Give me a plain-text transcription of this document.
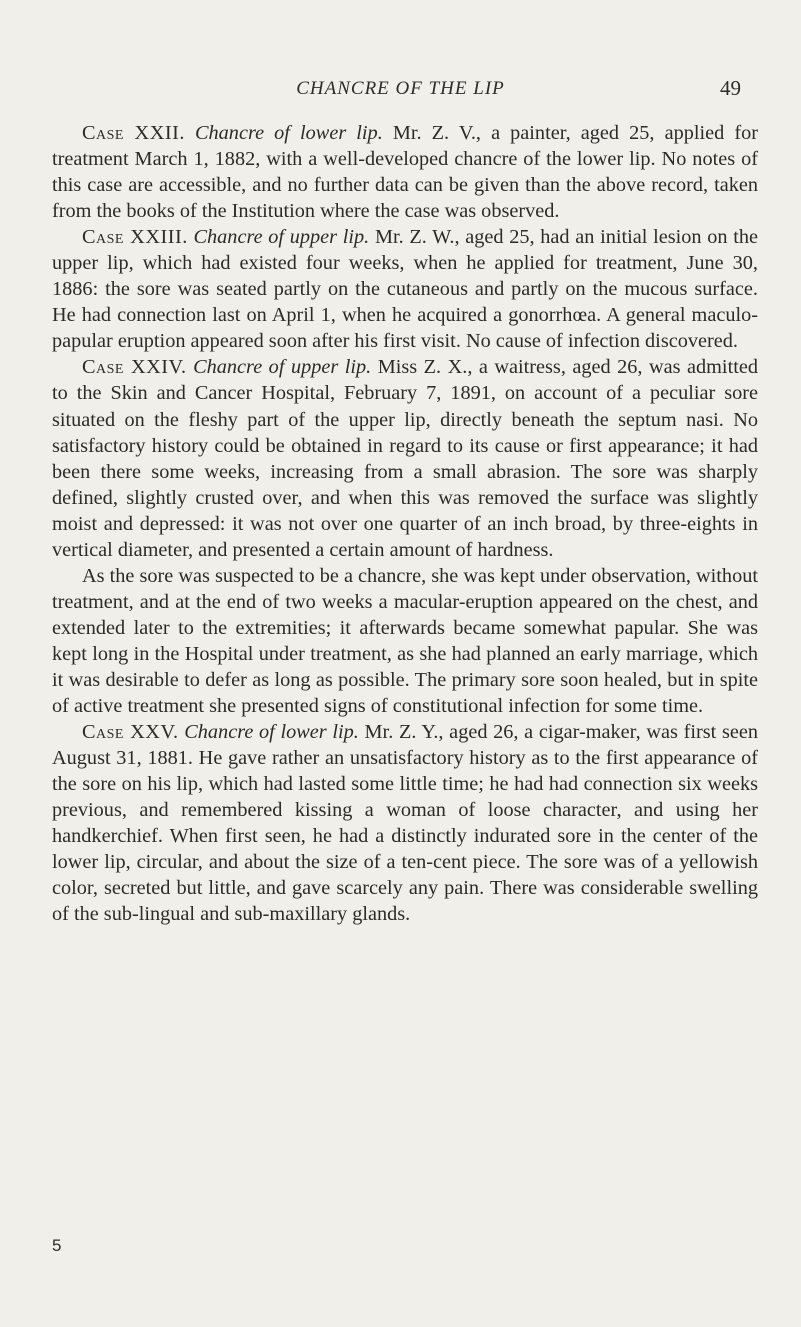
CHANCRE OF THE LIP	49

Case XXII. Chancre of lower lip. Mr. Z. V., a painter, aged 25, applied for treatment March 1, 1882, with a well-developed chancre of the lower lip. No notes of this case are accessible, and no further data can be given than the above record, taken from the books of the Institution where the case was observed.

Case XXIII. Chancre of upper lip. Mr. Z. W., aged 25, had an initial lesion on the upper lip, which had existed four weeks, when he applied for treatment, June 30, 1886: the sore was seated partly on the cutaneous and partly on the mucous surface. He had connection last on April 1, when he acquired a gonorrhœa. A general maculo-papular eruption appeared soon after his first visit. No cause of infection discovered.

Case XXIV. Chancre of upper lip. Miss Z. X., a waitress, aged 26, was admitted to the Skin and Cancer Hospital, February 7, 1891, on account of a peculiar sore situated on the fleshy part of the upper lip, directly beneath the septum nasi. No satisfactory history could be obtained in regard to its cause or first appearance; it had been there some weeks, increasing from a small abrasion. The sore was sharply defined, slightly crusted over, and when this was removed the surface was slightly moist and depressed: it was not over one quarter of an inch broad, by three-eights in vertical diameter, and presented a certain amount of hardness.

As the sore was suspected to be a chancre, she was kept under observation, without treatment, and at the end of two weeks a macular-eruption appeared on the chest, and extended later to the extremities; it afterwards became somewhat papular. She was kept long in the Hospital under treatment, as she had planned an early marriage, which it was desirable to defer as long as possible. The primary sore soon healed, but in spite of active treatment she presented signs of constitutional infection for some time.

Case XXV. Chancre of lower lip. Mr. Z. Y., aged 26, a cigar-maker, was first seen August 31, 1881. He gave rather an unsatisfactory history as to the first appearance of the sore on his lip, which had lasted some little time; he had had connection six weeks previous, and remembered kissing a woman of loose character, and using her handkerchief. When first seen, he had a distinctly indurated sore in the center of the lower lip, circular, and about the size of a ten-cent piece. The sore was of a yellowish color, secreted but little, and gave scarcely any pain. There was considerable swelling of the sub-lingual and sub-maxillary glands.

5
